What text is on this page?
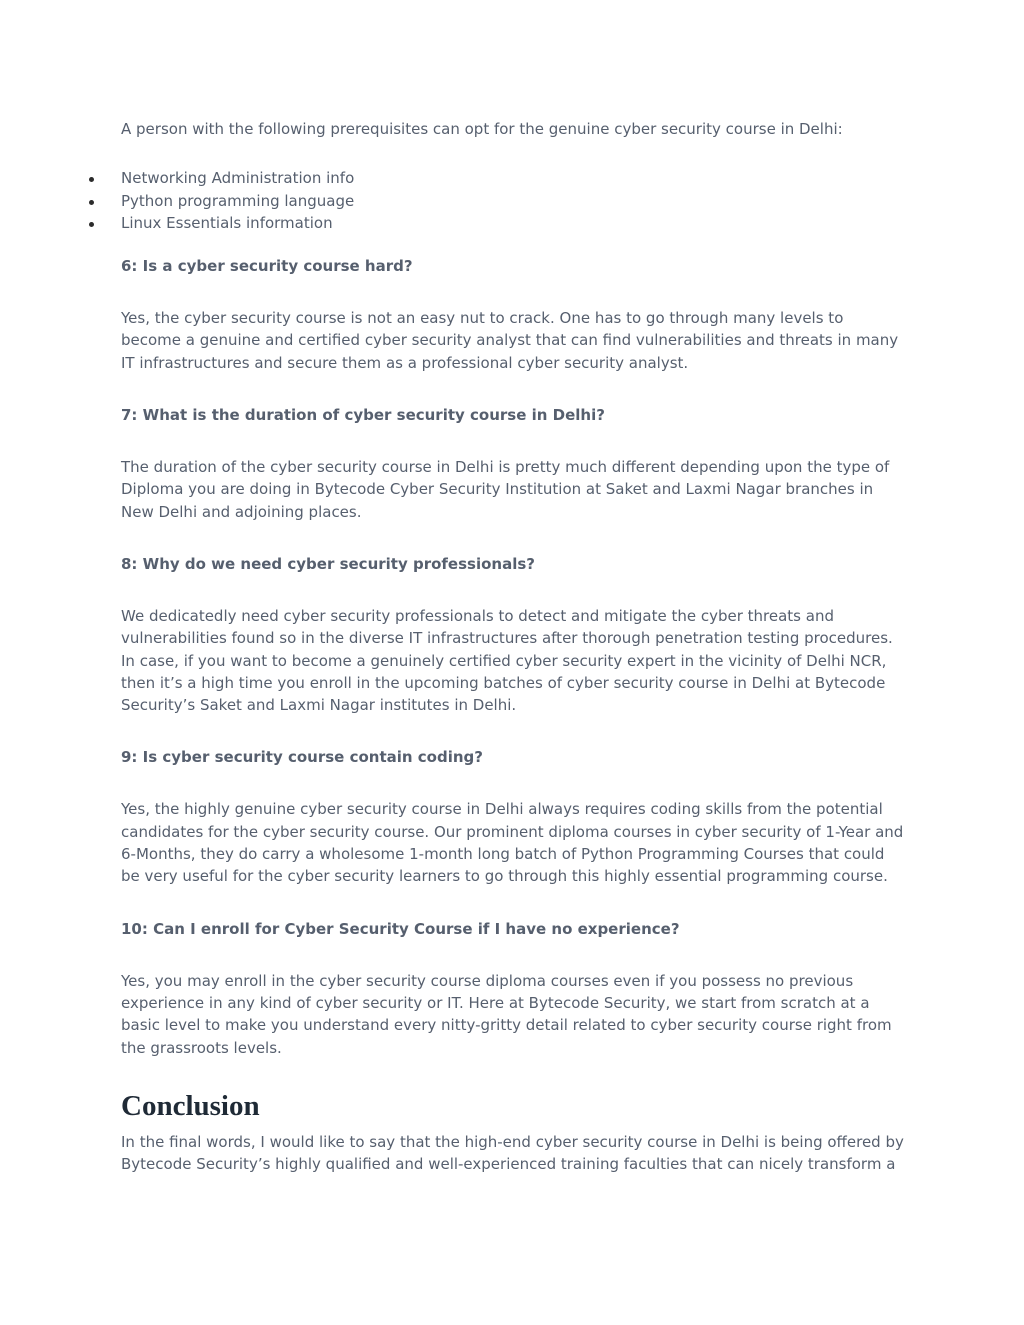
A person with the following prerequisites can opt for the genuine cyber security course in Delhi:

Networking Administration info
Python programming language
Linux Essentials information

6: Is a cyber security course hard?

Yes, the cyber security course is not an easy nut to crack. One has to go through many levels to become a genuine and certified cyber security analyst that can find vulnerabilities and threats in many IT infrastructures and secure them as a professional cyber security analyst.

7: What is the duration of cyber security course in Delhi?

The duration of the cyber security course in Delhi is pretty much different depending upon the type of Diploma you are doing in Bytecode Cyber Security Institution at Saket and Laxmi Nagar branches in New Delhi and adjoining places.

8: Why do we need cyber security professionals?

We dedicatedly need cyber security professionals to detect and mitigate the cyber threats and vulnerabilities found so in the diverse IT infrastructures after thorough penetration testing procedures. In case, if you want to become a genuinely certified cyber security expert in the vicinity of Delhi NCR, then it’s a high time you enroll in the upcoming batches of cyber security course in Delhi at Bytecode Security’s Saket and Laxmi Nagar institutes in Delhi.

9: Is cyber security course contain coding?

Yes, the highly genuine cyber security course in Delhi always requires coding skills from the potential candidates for the cyber security course. Our prominent diploma courses in cyber security of 1-Year and 6-Months, they do carry a wholesome 1-month long batch of Python Programming Courses that could be very useful for the cyber security learners to go through this highly essential programming course.

10: Can I enroll for Cyber Security Course if I have no experience?

Yes, you may enroll in the cyber security course diploma courses even if you possess no previous experience in any kind of cyber security or IT. Here at Bytecode Security, we start from scratch at a basic level to make you understand every nitty-gritty detail related to cyber security course right from the grassroots levels.

Conclusion

In the final words, I would like to say that the high-end cyber security course in Delhi is being offered by Bytecode Security’s highly qualified and well-experienced training faculties that can nicely transform a
